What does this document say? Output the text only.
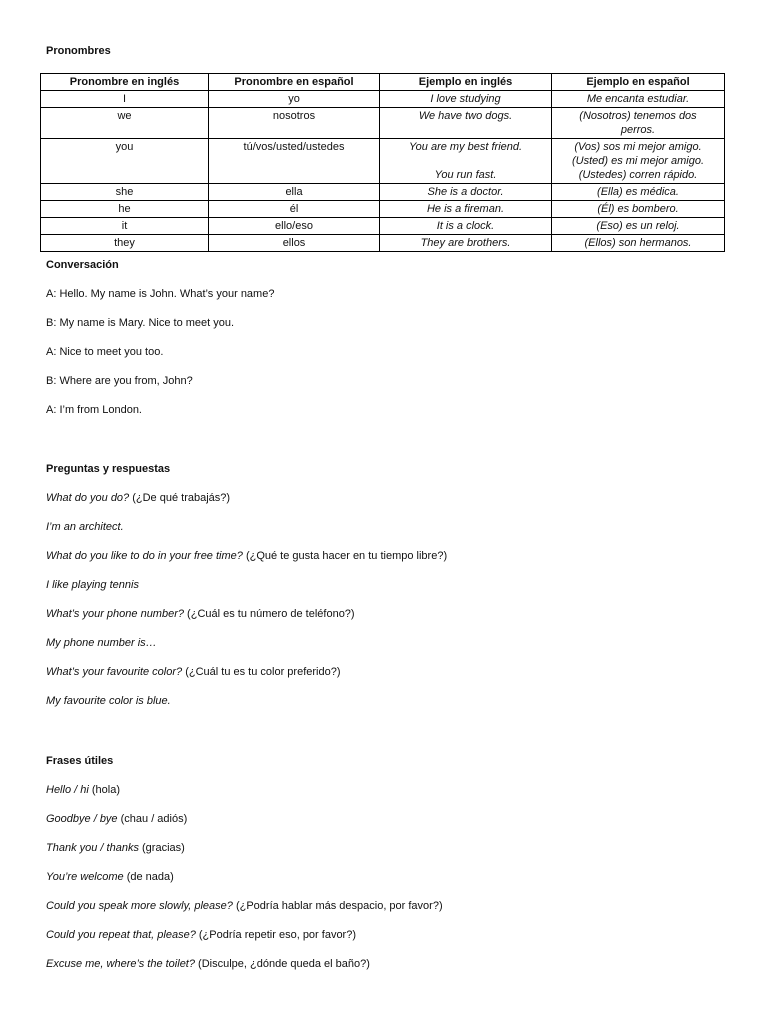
Pronombres

Pronombre en inglés	Pronombre en español	Ejemplo en inglés	Ejemplo en español
I	yo	I love studying	Me encanta estudiar.

we	nosotros	We have two dogs.	(Nosotros) tenemos dos
perros.

you	tú/vos/usted/ustedes	You are my best friend.
You run fast.	(Vos) sos mi mejor amigo.
(Usted) es mi mejor amigo.
(Ustedes) corren rápido.

she	ella	She is a doctor.	(Ella) es médica.

he	él	He is a fireman.	(Él) es bombero.

it	ello/eso	It is a clock.	(Eso) es un reloj.

they	ellos	They are brothers.	(Ellos) son hermanos.

Conversación

A: Hello. My name is John. What’s your name?

B: My name is Mary. Nice to meet you.

A: Nice to meet you too.

B: Where are you from, John?

A: I’m from London.

Preguntas y respuestas

What do you do? (¿De qué trabajás?)

I’m an architect.

What do you like to do in your free time? (¿Qué te gusta hacer en tu tiempo libre?)

I like playing tennis

What’s your phone number? (¿Cuál es tu número de teléfono?)

My phone number is…

What’s your favourite color? (¿Cuál tu es tu color preferido?)

My favourite color is blue.

Frases útiles

Hello / hi (hola)

Goodbye / bye (chau / adiós)

Thank you / thanks (gracias)

You’re welcome (de nada)

Could you speak more slowly, please? (¿Podría hablar más despacio, por favor?)

Could you repeat that, please? (¿Podría repetir eso, por favor?)

Excuse me, where’s the toilet? (Disculpe, ¿dónde queda el baño?)
